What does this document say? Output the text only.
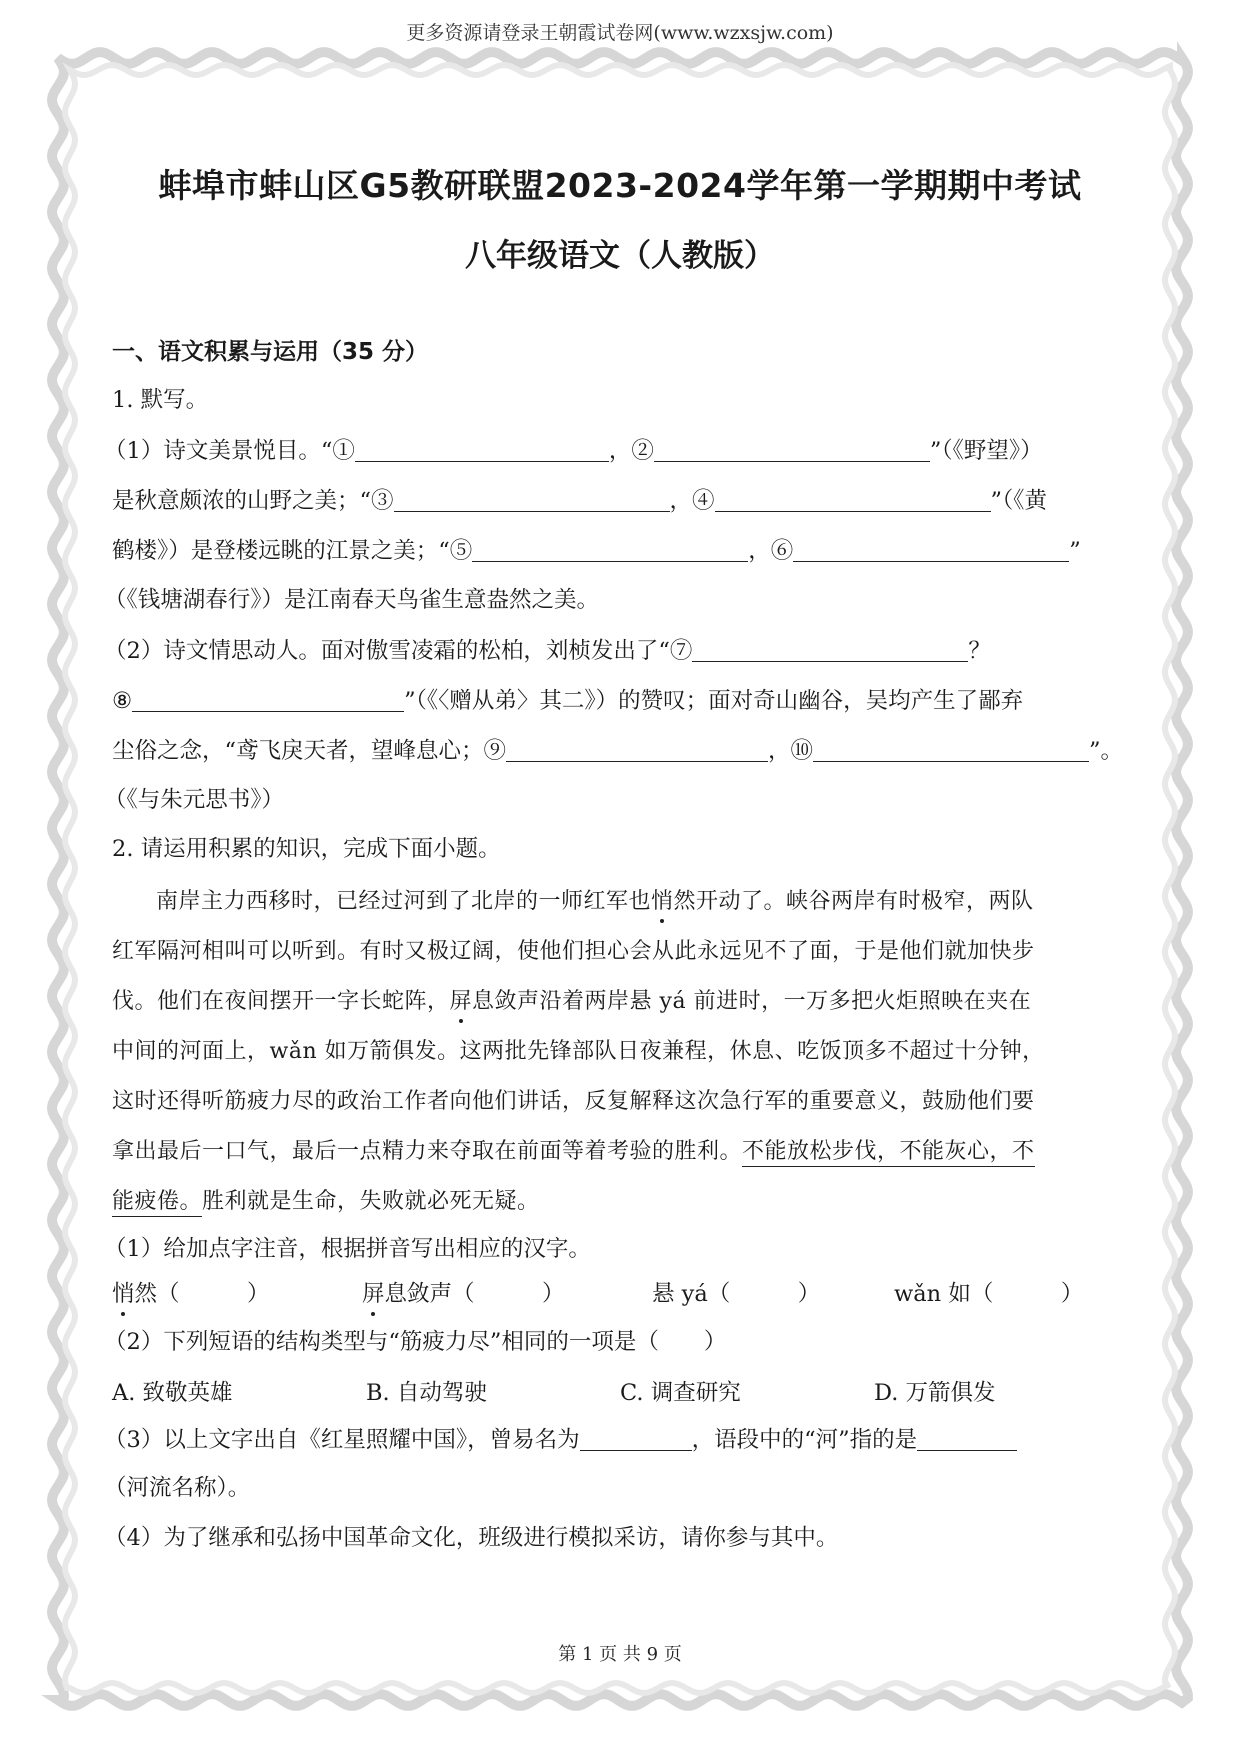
更多资源请登录王朝霞试卷网(www.wzxsjw.com)
蚌埠市蚌山区G5教研联盟2023-2024学年第一学期期中考试
八年级语文（人教版）
一、语文积累与运用（35 分）
1. 默写。
（1）诗文美景悦目。“①	，②	”（《野望》）
是秋意颇浓的山野之美；“③	，④	”（《黄
鹤楼》）是登楼远眺的江景之美；“⑤	，⑥	”
（《钱塘湖春行》）是江南春天鸟雀生意盎然之美。
（2）诗文情思动人。面对傲雪凌霜的松柏，刘桢发出了“⑦	？
⑧	”（《〈赠从弟〉其二》）的赞叹；面对奇山幽谷，吴均产生了鄙弃
尘俗之念，“鸢飞戾天者，望峰息心；⑨	，⑩	”。
（《与朱元思书》）
2. 请运用积累的知识，完成下面小题。
南岸主力西移时，已经过河到了北岸的一师红军也悄然开动了。峡谷两岸有时极窄，两队
红军隔河相叫可以听到。有时又极辽阔，使他们担心会从此永远见不了面，于是他们就加快步
伐。他们在夜间摆开一字长蛇阵，屏息敛声沿着两岸悬 yá 前进时，一万多把火炬照映在夹在
中间的河面上，wǎn 如万箭俱发。这两批先锋部队日夜兼程，休息、吃饭顶多不超过十分钟，
这时还得听筋疲力尽的政治工作者向他们讲话，反复解释这次急行军的重要意义，鼓励他们要
拿出最后一口气，最后一点精力来夺取在前面等着考验的胜利。不能放松步伐，不能灰心，不
能疲倦。胜利就是生命，失败就必死无疑。
（1）给加点字注音，根据拼音写出相应的汉字。
悄然（　　　）	屏息敛声（　　　）	悬 yá（　　　）	wǎn 如（　　　）
（2）下列短语的结构类型与“筋疲力尽”相同的一项是（　　）
A. 致敬英雄	B. 自动驾驶	C. 调查研究	D. 万箭俱发
（3）以上文字出自《红星照耀中国》，曾易名为	，语段中的“河”指的是
（河流名称）。
（4）为了继承和弘扬中国革命文化，班级进行模拟采访，请你参与其中。
第 1 页 共 9 页
